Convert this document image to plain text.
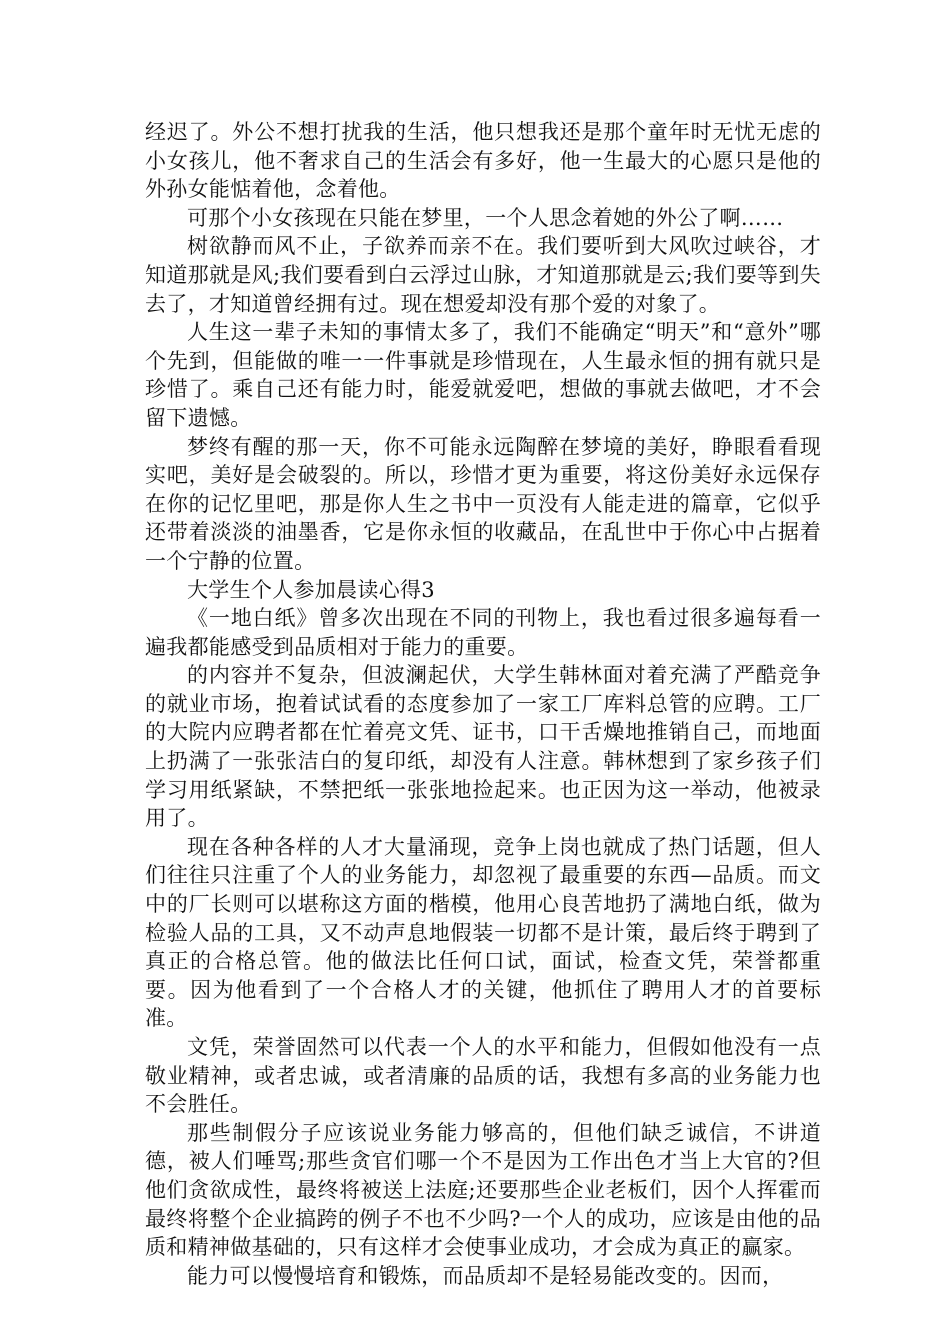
经迟了。外公不想打扰我的生活，他只想我还是那个童年时无忧无虑的小女孩儿，他不奢求自己的生活会有多好，他一生最大的心愿只是他的外孙女能惦着他，念着他。

可那个小女孩现在只能在梦里，一个人思念着她的外公了啊……

树欲静而风不止，子欲养而亲不在。我们要听到大风吹过峡谷，才知道那就是风;我们要看到白云浮过山脉，才知道那就是云;我们要等到失去了，才知道曾经拥有过。现在想爱却没有那个爱的对象了。

人生这一辈子未知的事情太多了，我们不能确定“明天”和“意外”哪个先到，但能做的唯一一件事就是珍惜现在，人生最永恒的拥有就只是珍惜了。乘自己还有能力时，能爱就爱吧，想做的事就去做吧，才不会留下遗憾。

梦终有醒的那一天，你不可能永远陶醉在梦境的美好，睁眼看看现实吧，美好是会破裂的。所以，珍惜才更为重要，将这份美好永远保存在你的记忆里吧，那是你人生之书中一页没有人能走进的篇章，它似乎还带着淡淡的油墨香，它是你永恒的收藏品，在乱世中于你心中占据着一个宁静的位置。

大学生个人参加晨读心得3

《一地白纸》曾多次出现在不同的刊物上，我也看过很多遍每看一遍我都能感受到品质相对于能力的重要。

的内容并不复杂，但波澜起伏，大学生韩林面对着充满了严酷竞争的就业市场，抱着试试看的态度参加了一家工厂库料总管的应聘。工厂的大院内应聘者都在忙着亮文凭、证书，口干舌燥地推销自己，而地面上扔满了一张张洁白的复印纸，却没有人注意。韩林想到了家乡孩子们学习用纸紧缺，不禁把纸一张张地捡起来。也正因为这一举动，他被录用了。

现在各种各样的人才大量涌现，竞争上岗也就成了热门话题，但人们往往只注重了个人的业务能力，却忽视了最重要的东西—品质。而文中的厂长则可以堪称这方面的楷模，他用心良苦地扔了满地白纸，做为检验人品的工具，又不动声息地假装一切都不是计策，最后终于聘到了真正的合格总管。他的做法比任何口试，面试，检查文凭，荣誉都重要。因为他看到了一个合格人才的关键，他抓住了聘用人才的首要标准。

文凭，荣誉固然可以代表一个人的水平和能力，但假如他没有一点敬业精神，或者忠诚，或者清廉的品质的话，我想有多高的业务能力也不会胜任。

那些制假分子应该说业务能力够高的，但他们缺乏诚信，不讲道德，被人们唾骂;那些贪官们哪一个不是因为工作出色才当上大官的?但他们贪欲成性，最终将被送上法庭;还要那些企业老板们，因个人挥霍而最终将整个企业搞跨的例子不也不少吗?一个人的成功，应该是由他的品质和精神做基础的，只有这样才会使事业成功，才会成为真正的赢家。

能力可以慢慢培育和锻炼，而品质却不是轻易能改变的。因而，
